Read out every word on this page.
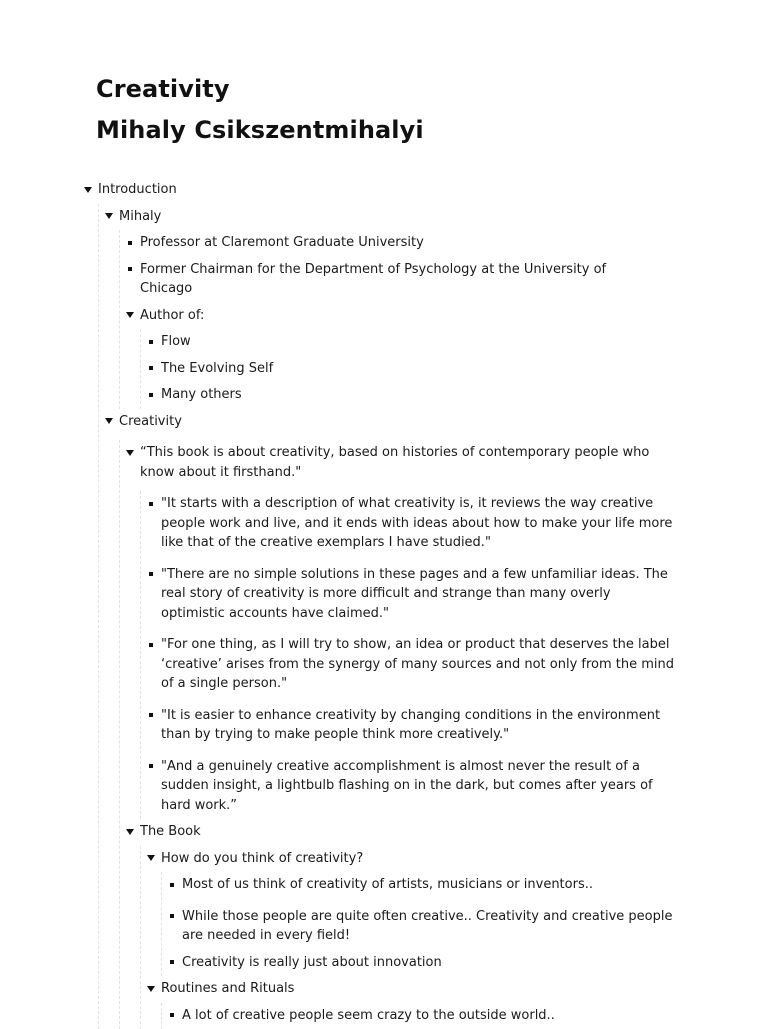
Creativity
Mihaly Csikszentmihalyi
Introduction
Mihaly
Professor at Claremont Graduate University
Former Chairman for the Department of Psychology at the University of Chicago
Author of:
Flow
The Evolving Self
Many others
Creativity
“This book is about creativity, based on histories of contemporary people who know about it firsthand."
"It starts with a description of what creativity is, it reviews the way creative people work and live, and it ends with ideas about how to make your life more like that of the creative exemplars I have studied."
"There are no simple solutions in these pages and a few unfamiliar ideas. The real story of creativity is more difficult and strange than many overly optimistic accounts have claimed."
"For one thing, as I will try to show, an idea or product that deserves the label ‘creative’ arises from the synergy of many sources and not only from the mind of a single person."
"It is easier to enhance creativity by changing conditions in the environment than by trying to make people think more creatively."
"And a genuinely creative accomplishment is almost never the result of a sudden insight, a lightbulb flashing on in the dark, but comes after years of hard work.”
The Book
How do you think of creativity?
Most of us think of creativity of artists, musicians or inventors..
While those people are quite often creative.. Creativity and creative people are needed in every field!
Creativity is really just about innovation
Routines and Rituals
A lot of creative people seem crazy to the outside world..
